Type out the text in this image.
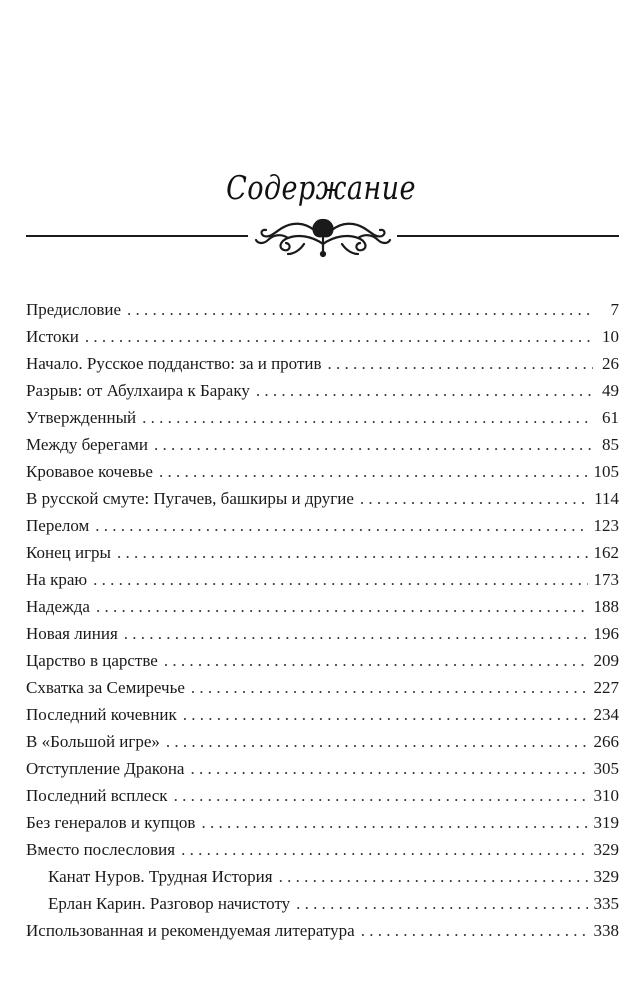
Содержание
Предисловие . . .	7
Истоки . . .	10
Начало. Русское подданство: за и против . . .	26
Разрыв: от Абулхаира к Бараку . . .	49
Утвержденный . . .	61
Между берегами . . .	85
Кровавое кочевье . . .	105
В русской смуте: Пугачев, башкиры и другие . . .	114
Перелом . . .	123
Конец игры . . .	162
На краю . . .	173
Надежда . . .	188
Новая линия . . .	196
Царство в царстве . . .	209
Схватка за Семиречье . . .	227
Последний кочевник . . .	234
В «Большой игре» . . .	266
Отступление Дракона . . .	305
Последний всплеск . . .	310
Без генералов и купцов . . .	319
Вместо послесловия . . .	329
Канат Нуров. Трудная История . . .	329
Ерлан Карин. Разговор начистоту . . .	335
Использованная и рекомендуемая литература . . .	338
